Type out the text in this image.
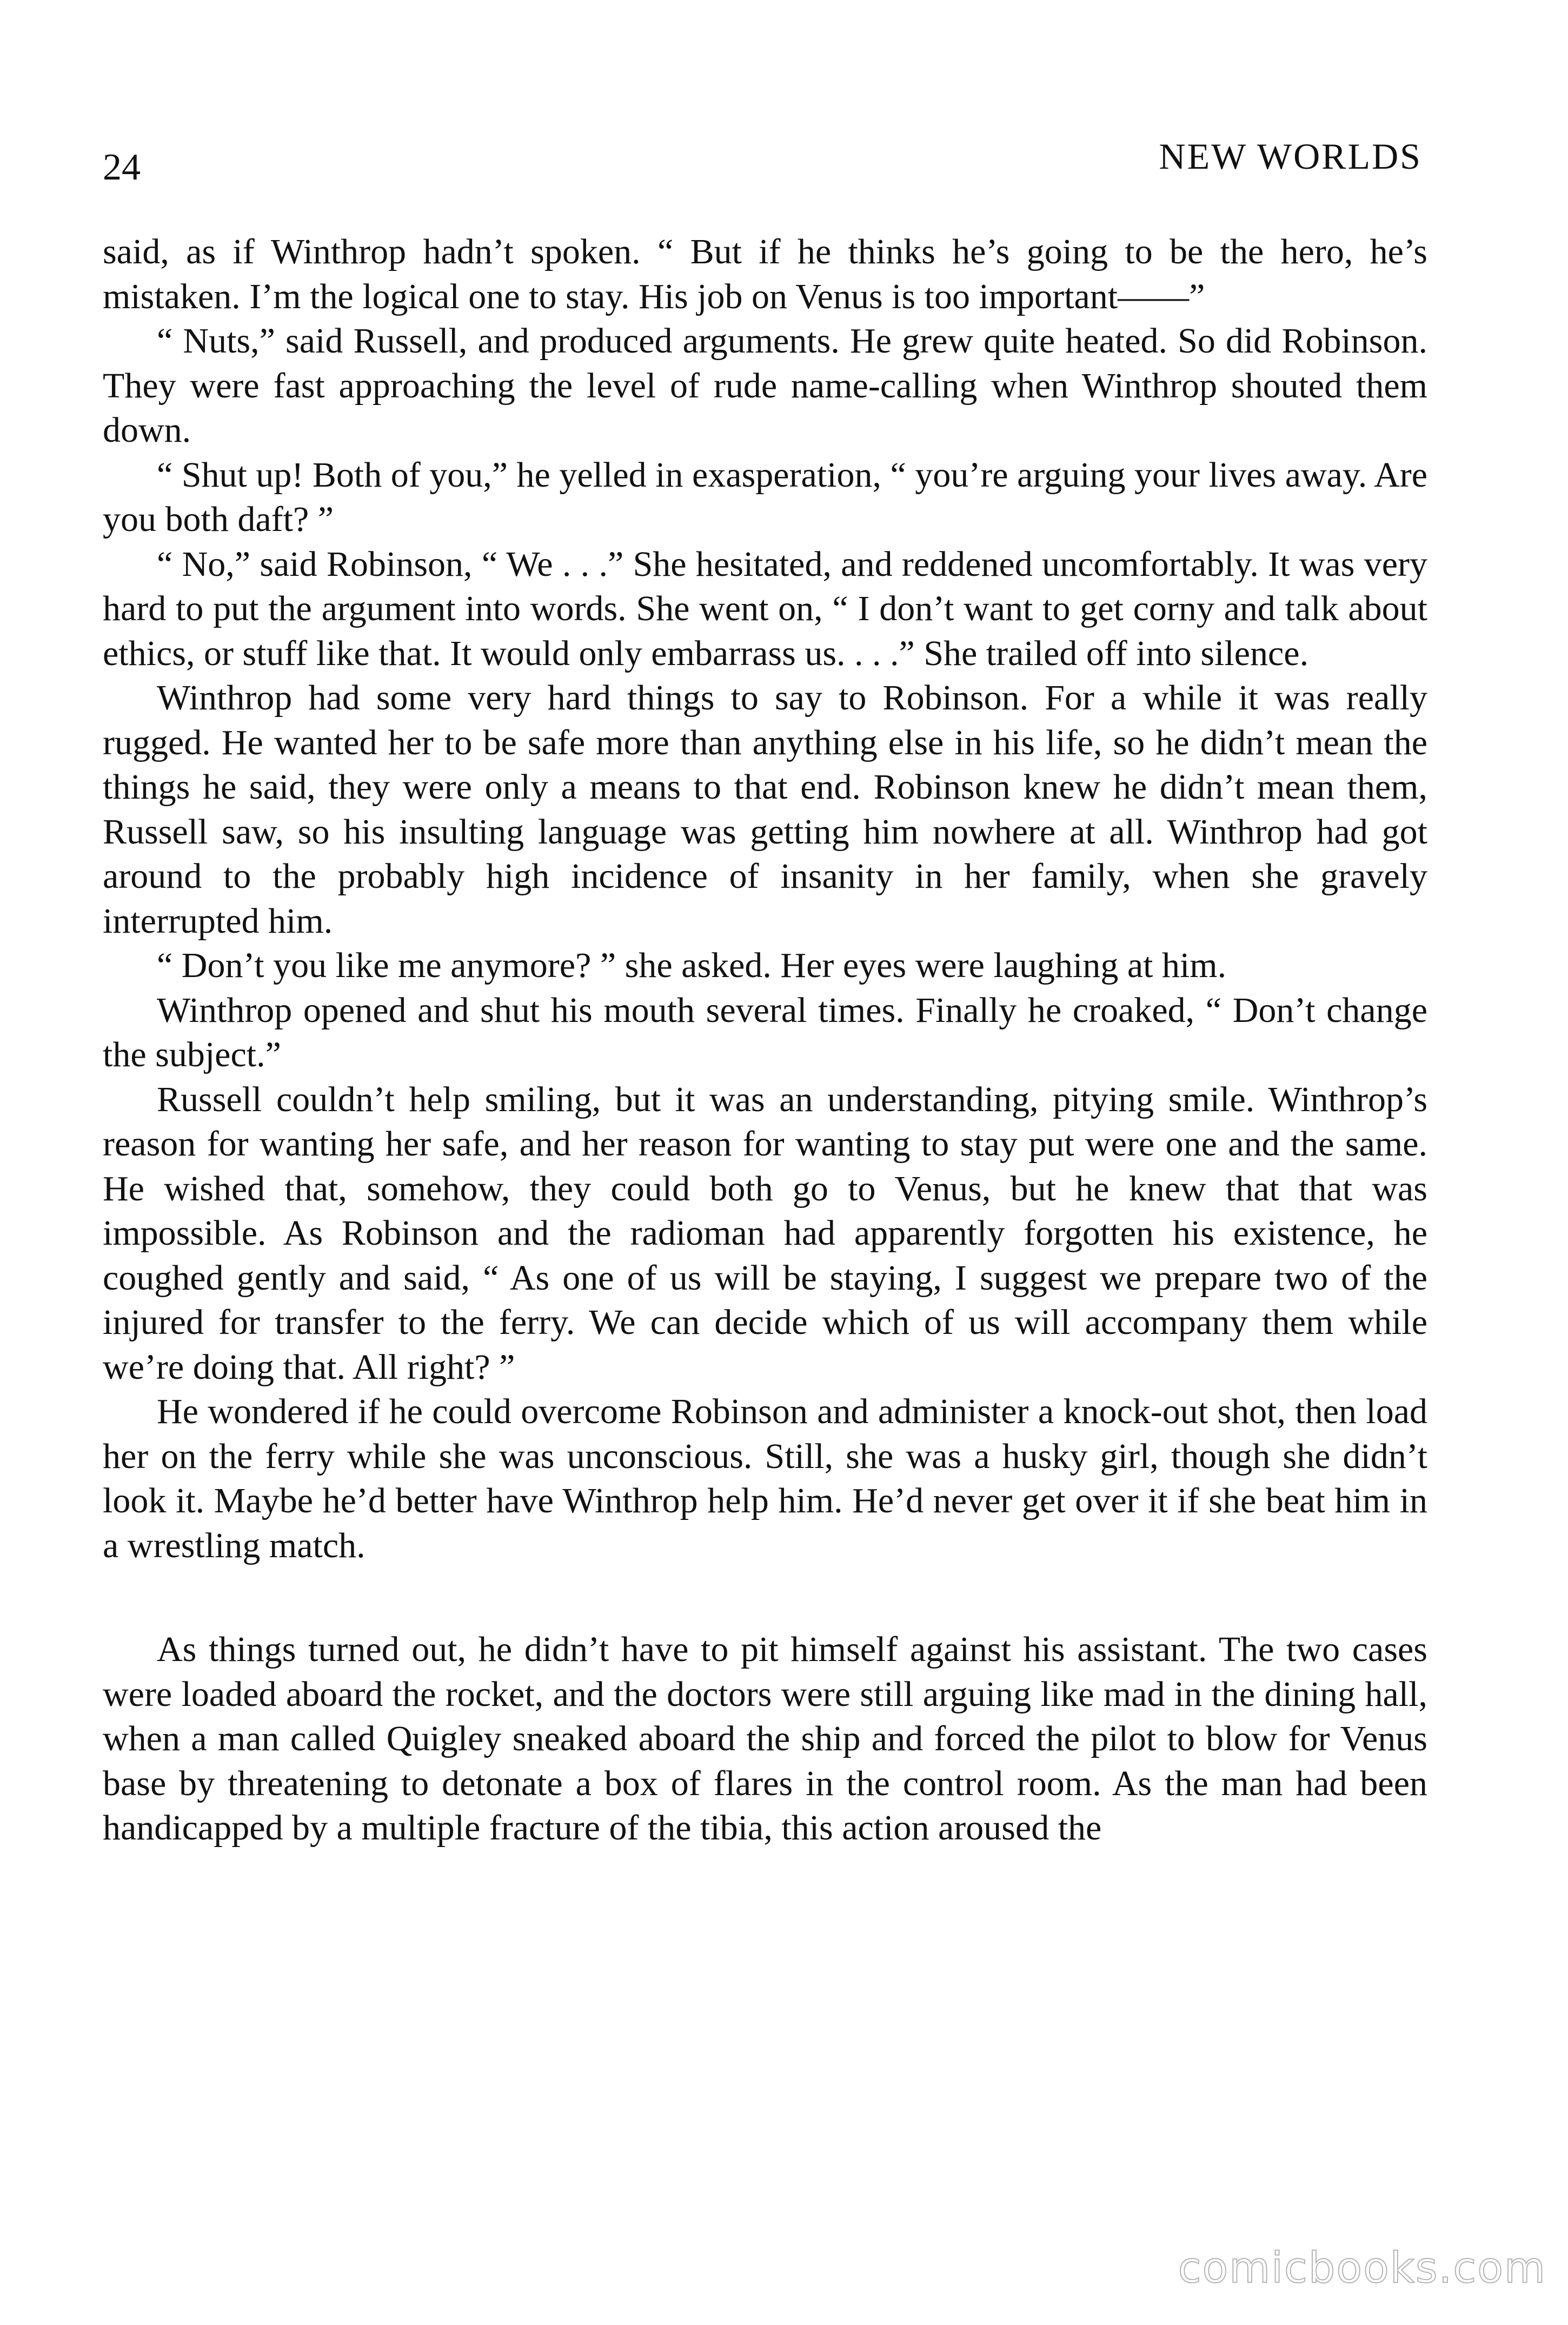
24	NEW WORLDS

said, as if Winthrop hadn’t spoken. “ But if he thinks he’s going to be the hero, he’s mistaken. I’m the logical one to stay. His job on Venus is too important——”

“ Nuts,” said Russell, and produced arguments. He grew quite heated. So did Robinson. They were fast approaching the level of rude name-calling when Winthrop shouted them down.

“ Shut up! Both of you,” he yelled in exasperation, “ you’re arguing your lives away. Are you both daft? ”

“ No,” said Robinson, “ We . . .” She hesitated, and reddened uncomfortably. It was very hard to put the argument into words. She went on, “ I don’t want to get corny and talk about ethics, or stuff like that. It would only embarrass us. . . .” She trailed off into silence.

Winthrop had some very hard things to say to Robinson. For a while it was really rugged. He wanted her to be safe more than anything else in his life, so he didn’t mean the things he said, they were only a means to that end. Robinson knew he didn’t mean them, Russell saw, so his insulting language was getting him nowhere at all. Winthrop had got around to the probably high incidence of insanity in her family, when she gravely interrupted him.

“ Don’t you like me anymore? ” she asked. Her eyes were laughing at him.

Winthrop opened and shut his mouth several times. Finally he croaked, “ Don’t change the subject.”

Russell couldn’t help smiling, but it was an understanding, pitying smile. Winthrop’s reason for wanting her safe, and her reason for wanting to stay put were one and the same. He wished that, somehow, they could both go to Venus, but he knew that that was impossible. As Robinson and the radioman had apparently forgotten his existence, he coughed gently and said, “ As one of us will be staying, I suggest we prepare two of the injured for transfer to the ferry. We can decide which of us will accompany them while we’re doing that. All right? ”

He wondered if he could overcome Robinson and administer a knock-out shot, then load her on the ferry while she was unconscious. Still, she was a husky girl, though she didn’t look it. Maybe he’d better have Winthrop help him. He’d never get over it if she beat him in a wrestling match.

As things turned out, he didn’t have to pit himself against his assistant. The two cases were loaded aboard the rocket, and the doctors were still arguing like mad in the dining hall, when a man called Quigley sneaked aboard the ship and forced the pilot to blow for Venus base by threatening to detonate a box of flares in the control room. As the man had been handicapped by a multiple fracture of the tibia, this action aroused the

comicbooks.com
